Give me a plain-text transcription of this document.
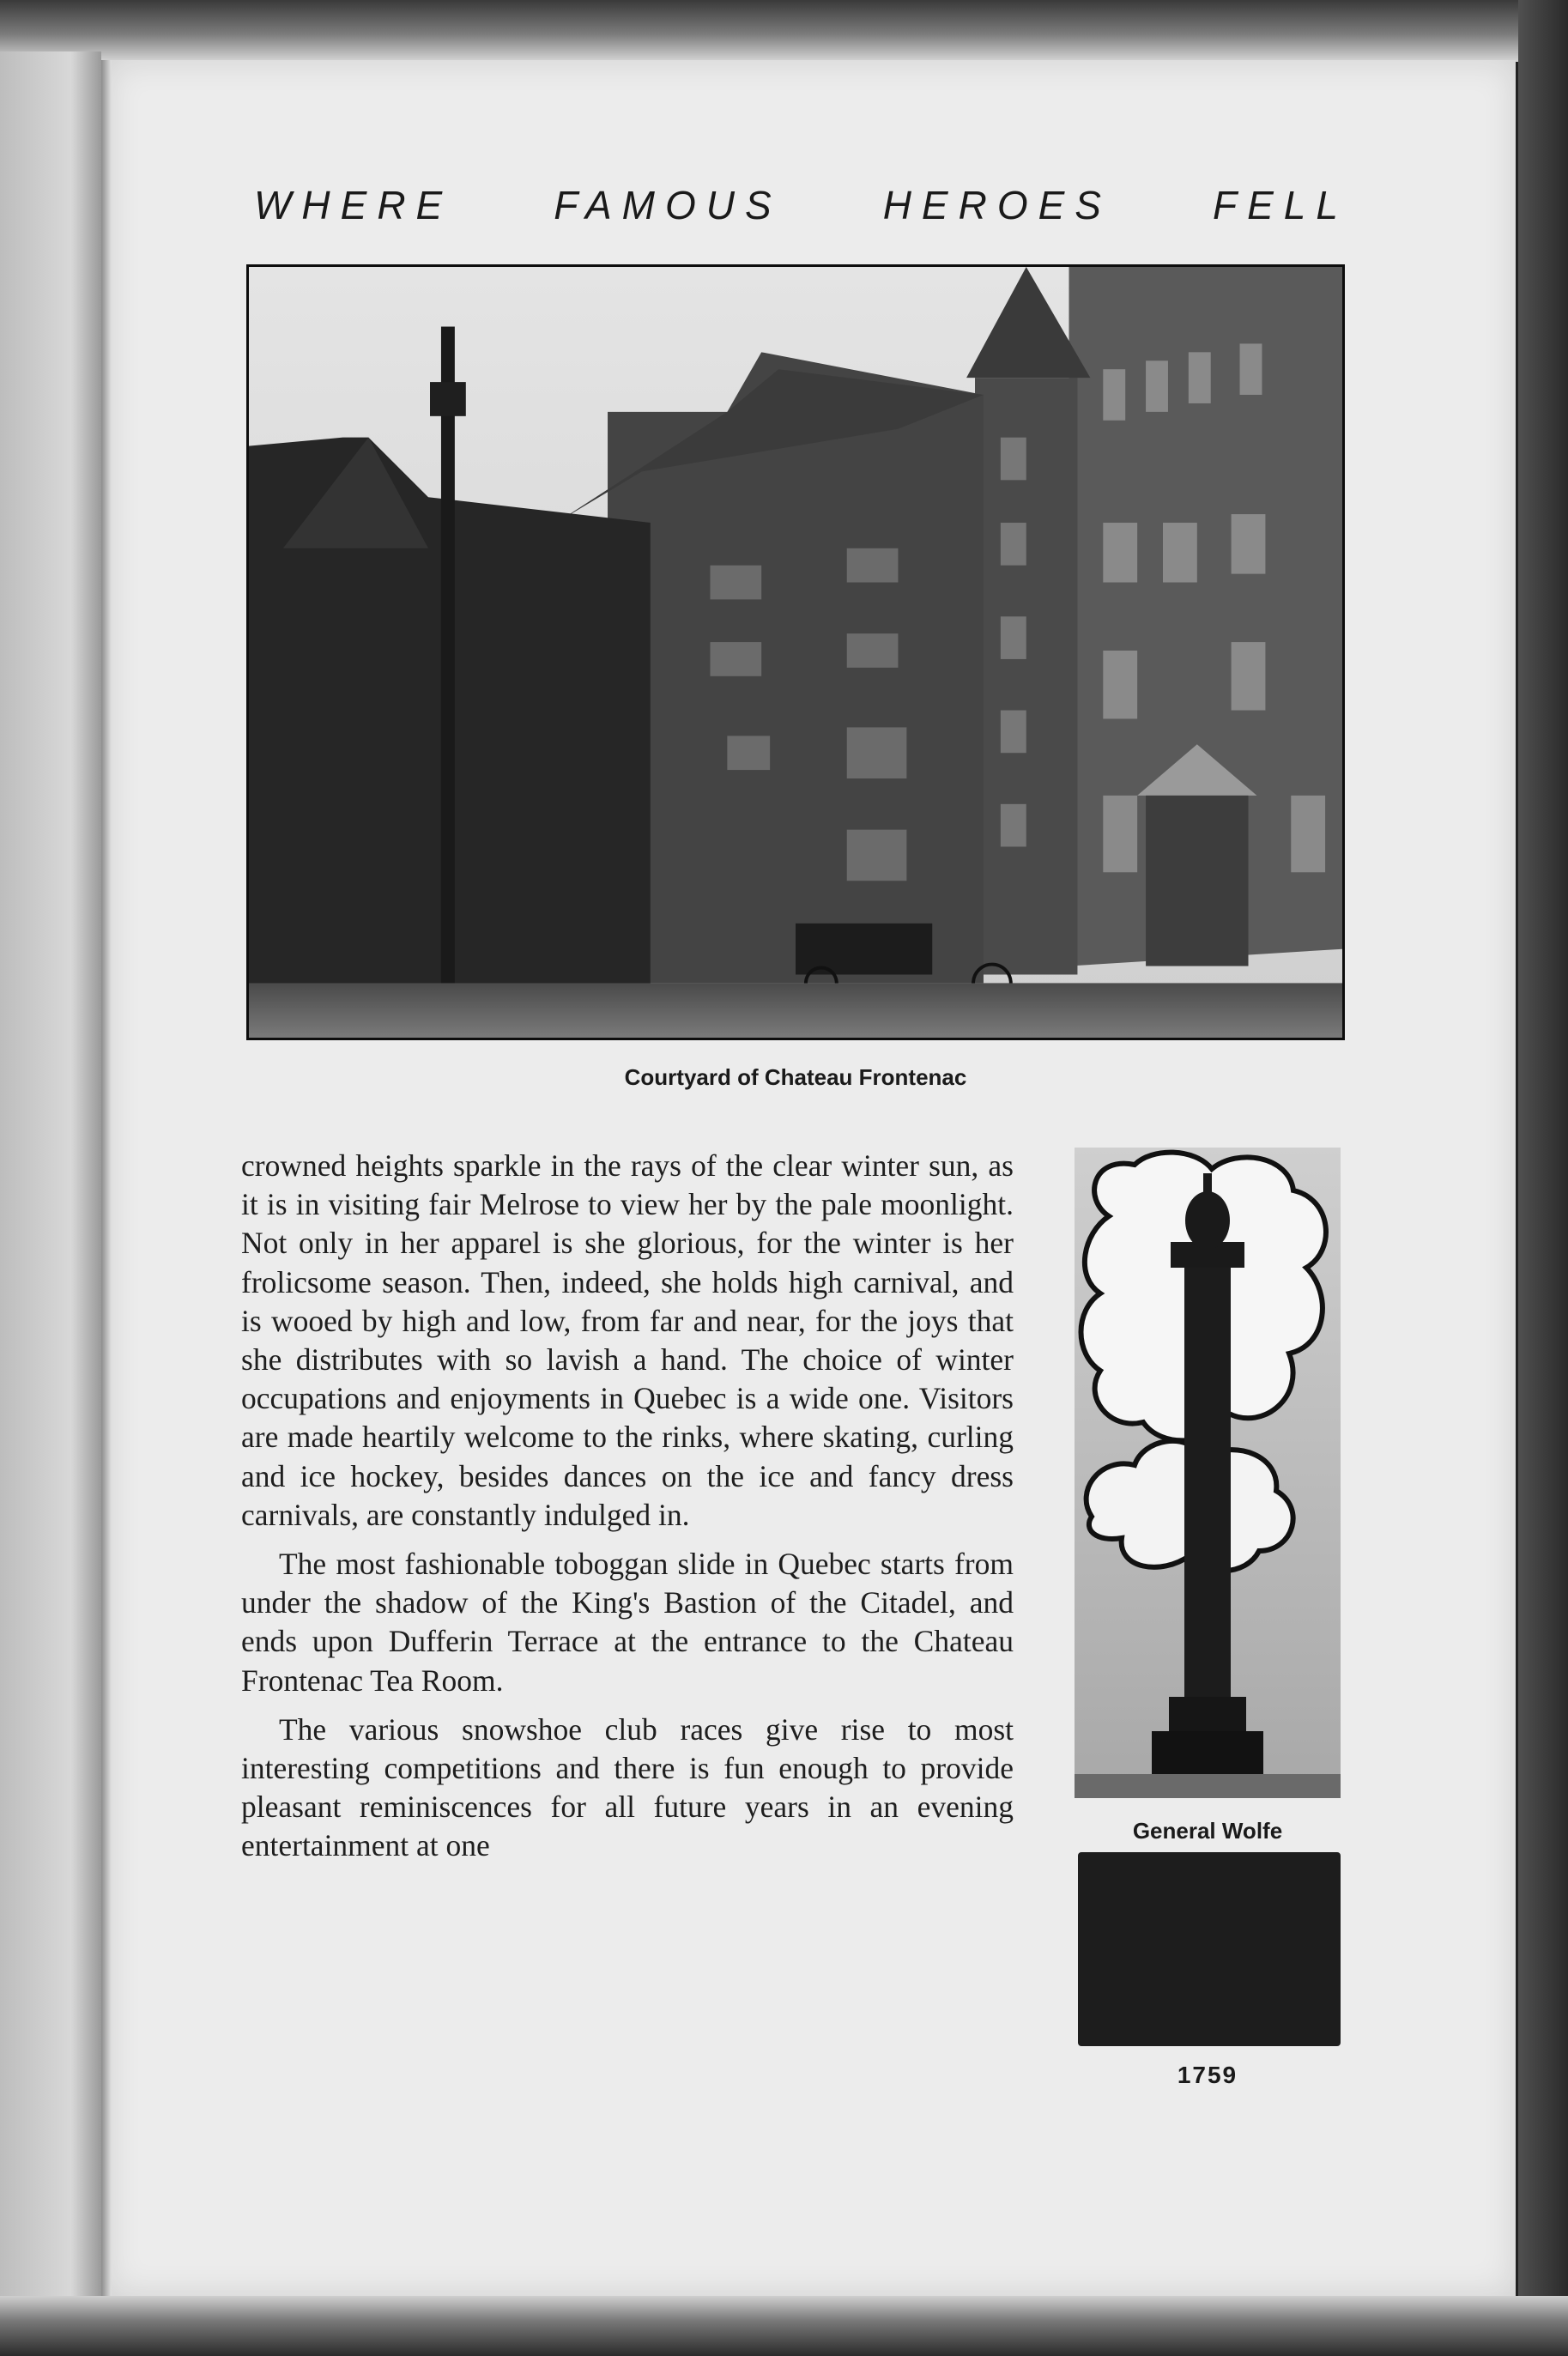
WHERE	FAMOUS	HEROES	FELL
Courtyard of Chateau Frontenac

crowned heights sparkle in the rays of the clear winter sun, as it is in visiting fair Melrose to view her by the pale moonlight. Not only in her apparel is she glorious, for the winter is her frolicsome season. Then, indeed, she holds high carnival, and is wooed by high and low, from far and near, for the joys that she distributes with so lavish a hand. The choice of winter occupations and enjoyments in Quebec is a wide one. Visitors are made heartily welcome to the rinks, where skating, curling and ice hockey, besides dances on the ice and fancy dress carnivals, are constantly indulged in.

The most fashionable toboggan slide in Quebec starts from under the shadow of the King's Bastion of the Citadel, and ends upon Dufferin Terrace at the entrance to the Chateau Frontenac Tea Room.

The various snowshoe club races give rise to most interesting competitions and there is fun enough to provide pleasant reminiscences for all future years in an evening entertainment at one	General Wolfe
1759
